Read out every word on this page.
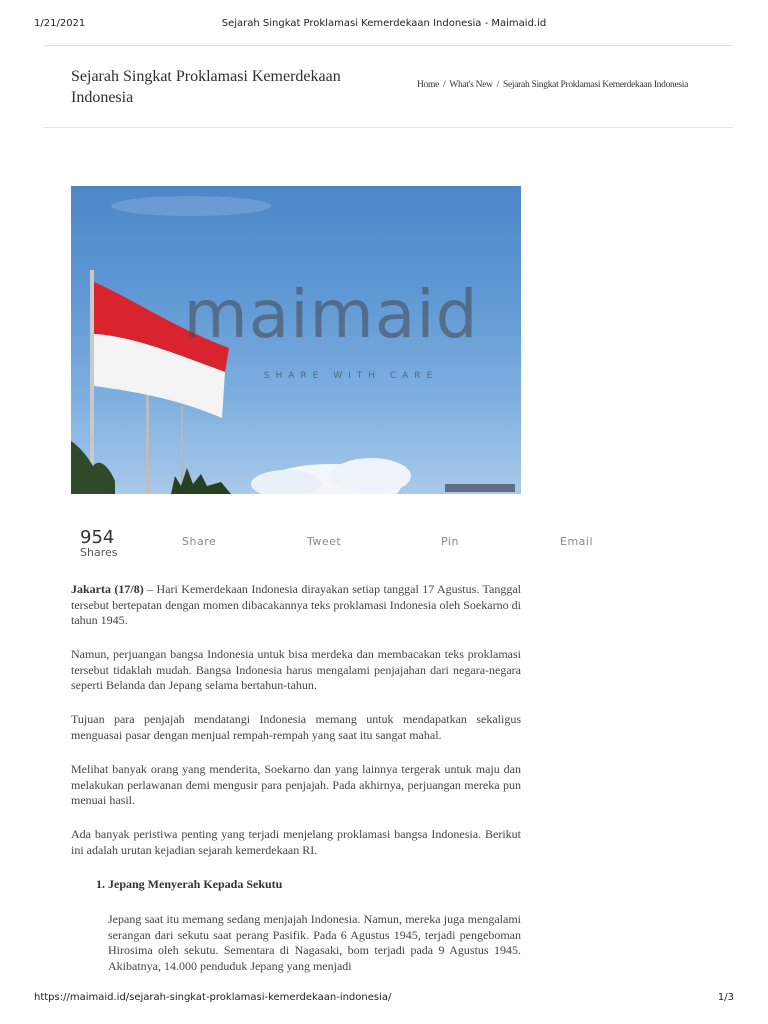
1/21/2021	Sejarah Singkat Proklamasi Kemerdekaan Indonesia - Maimaid.id
Sejarah Singkat Proklamasi Kemerdekaan Indonesia
Home / What's New / Sejarah Singkat Proklamasi Kemerdekaan Indonesia
maimaid
SHARE WITH CARE
954
Shares
Share	Tweet	Pin	Email

Jakarta (17/8) – Hari Kemerdekaan Indonesia dirayakan setiap tanggal 17 Agustus. Tanggal tersebut bertepatan dengan momen dibacakannya teks proklamasi Indonesia oleh Soekarno di tahun 1945.

Namun, perjuangan bangsa Indonesia untuk bisa merdeka dan membacakan teks proklamasi tersebut tidaklah mudah. Bangsa Indonesia harus mengalami penjajahan dari negara-negara seperti Belanda dan Jepang selama bertahun-tahun.

Tujuan para penjajah mendatangi Indonesia memang untuk mendapatkan sekaligus menguasai pasar dengan menjual rempah-rempah yang saat itu sangat mahal.

Melihat banyak orang yang menderita, Soekarno dan yang lainnya tergerak untuk maju dan melakukan perlawanan demi mengusir para penjajah. Pada akhirnya, perjuangan mereka pun menuai hasil.

Ada banyak peristiwa penting yang terjadi menjelang proklamasi bangsa Indonesia. Berikut ini adalah urutan kejadian sejarah kemerdekaan RI.

1. Jepang Menyerah Kepada Sekutu

Jepang saat itu memang sedang menjajah Indonesia. Namun, mereka juga mengalami serangan dari sekutu saat perang Pasifik. Pada 6 Agustus 1945, terjadi pengeboman Hirosima oleh sekutu. Sementara di Nagasaki, bom terjadi pada 9 Agustus 1945. Akibatnya, 14.000 penduduk Jepang yang menjadi

https://maimaid.id/sejarah-singkat-proklamasi-kemerdekaan-indonesia/	1/3
